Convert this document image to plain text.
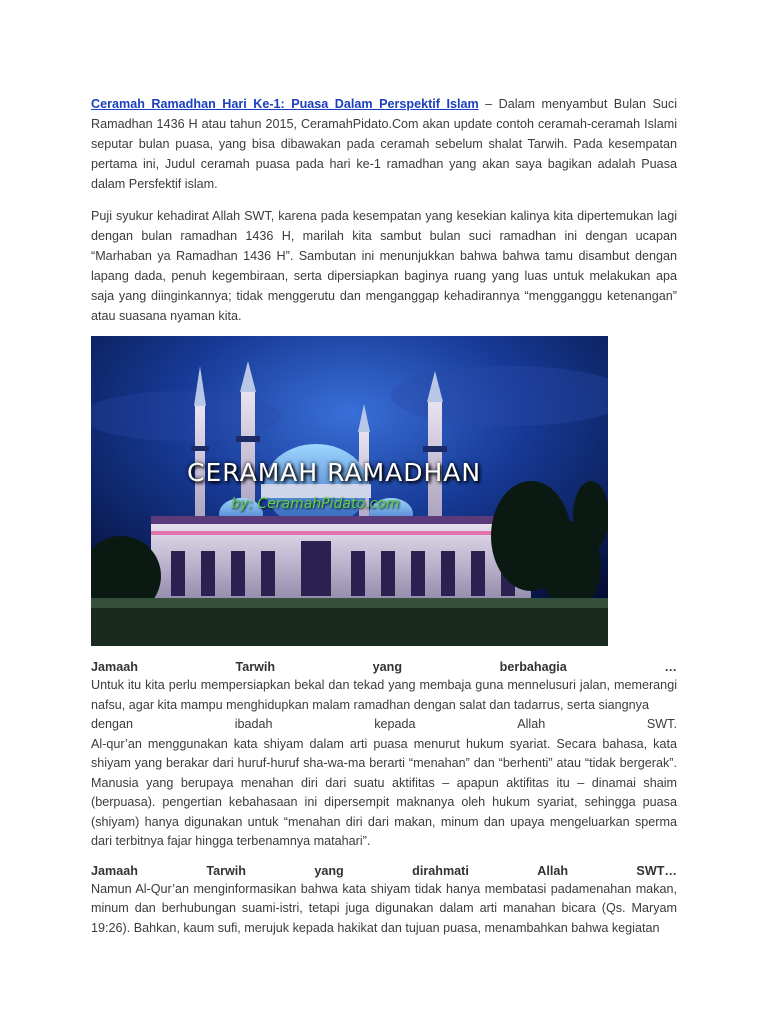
Ceramah Ramadhan Hari Ke-1: Puasa Dalam Perspektif Islam – Dalam menyambut Bulan Suci Ramadhan 1436 H atau tahun 2015, CeramahPidato.Com akan update contoh ceramah-ceramah Islami seputar bulan puasa, yang bisa dibawakan pada ceramah sebelum shalat Tarwih. Pada kesempatan pertama ini, Judul ceramah puasa pada hari ke-1 ramadhan yang akan saya bagikan adalah Puasa dalam Persfektif islam.

Puji syukur kehadirat Allah SWT, karena pada kesempatan yang kesekian kalinya kita dipertemukan lagi dengan bulan ramadhan 1436 H, marilah kita sambut bulan suci ramadhan ini dengan ucapan “Marhaban ya Ramadhan 1436 H”. Sambutan ini menunjukkan bahwa bahwa tamu disambut dengan lapang dada, penuh kegembiraan, serta dipersiapkan baginya ruang yang luas untuk melakukan apa saja yang diinginkannya; tidak menggerutu dan menganggap kehadirannya “mengganggu ketenangan” atau suasana nyaman kita.

CERAMAH RAMADHAN
by: CeramahPidato.com
Jamaah	Tarwih	yang	berbahagia	…
Untuk itu kita perlu mempersiapkan bekal dan tekad yang membaja guna mennelusuri jalan, memerangi nafsu, agar kita mampu menghidupkan malam ramadhan dengan salat dan tadarrus, serta siangnya
dengan	ibadah	kepada	Allah	SWT.
Al-qur’an menggunakan kata shiyam dalam arti puasa menurut hukum syariat. Secara bahasa, kata shiyam yang berakar dari huruf-huruf sha-wa-ma berarti “menahan” dan “berhenti” atau “tidak bergerak”. Manusia yang berupaya menahan diri dari suatu aktifitas – apapun aktifitas itu – dinamai shaim (berpuasa). pengertian kebahasaan ini dipersempit maknanya oleh hukum syariat, sehingga puasa (shiyam) hanya digunakan untuk “menahan diri dari makan, minum dan upaya mengeluarkan sperma dari terbitnya fajar hingga terbenamnya matahari”.
Jamaah	Tarwih	yang	dirahmati	Allah	SWT…
Namun Al-Qur’an menginformasikan bahwa kata shiyam tidak hanya membatasi padamenahan makan, minum dan berhubungan suami-istri, tetapi juga digunakan dalam arti manahan bicara (Qs. Maryam 19:26). Bahkan, kaum sufi, merujuk kepada hakikat dan tujuan puasa, menambahkan bahwa kegiatan
